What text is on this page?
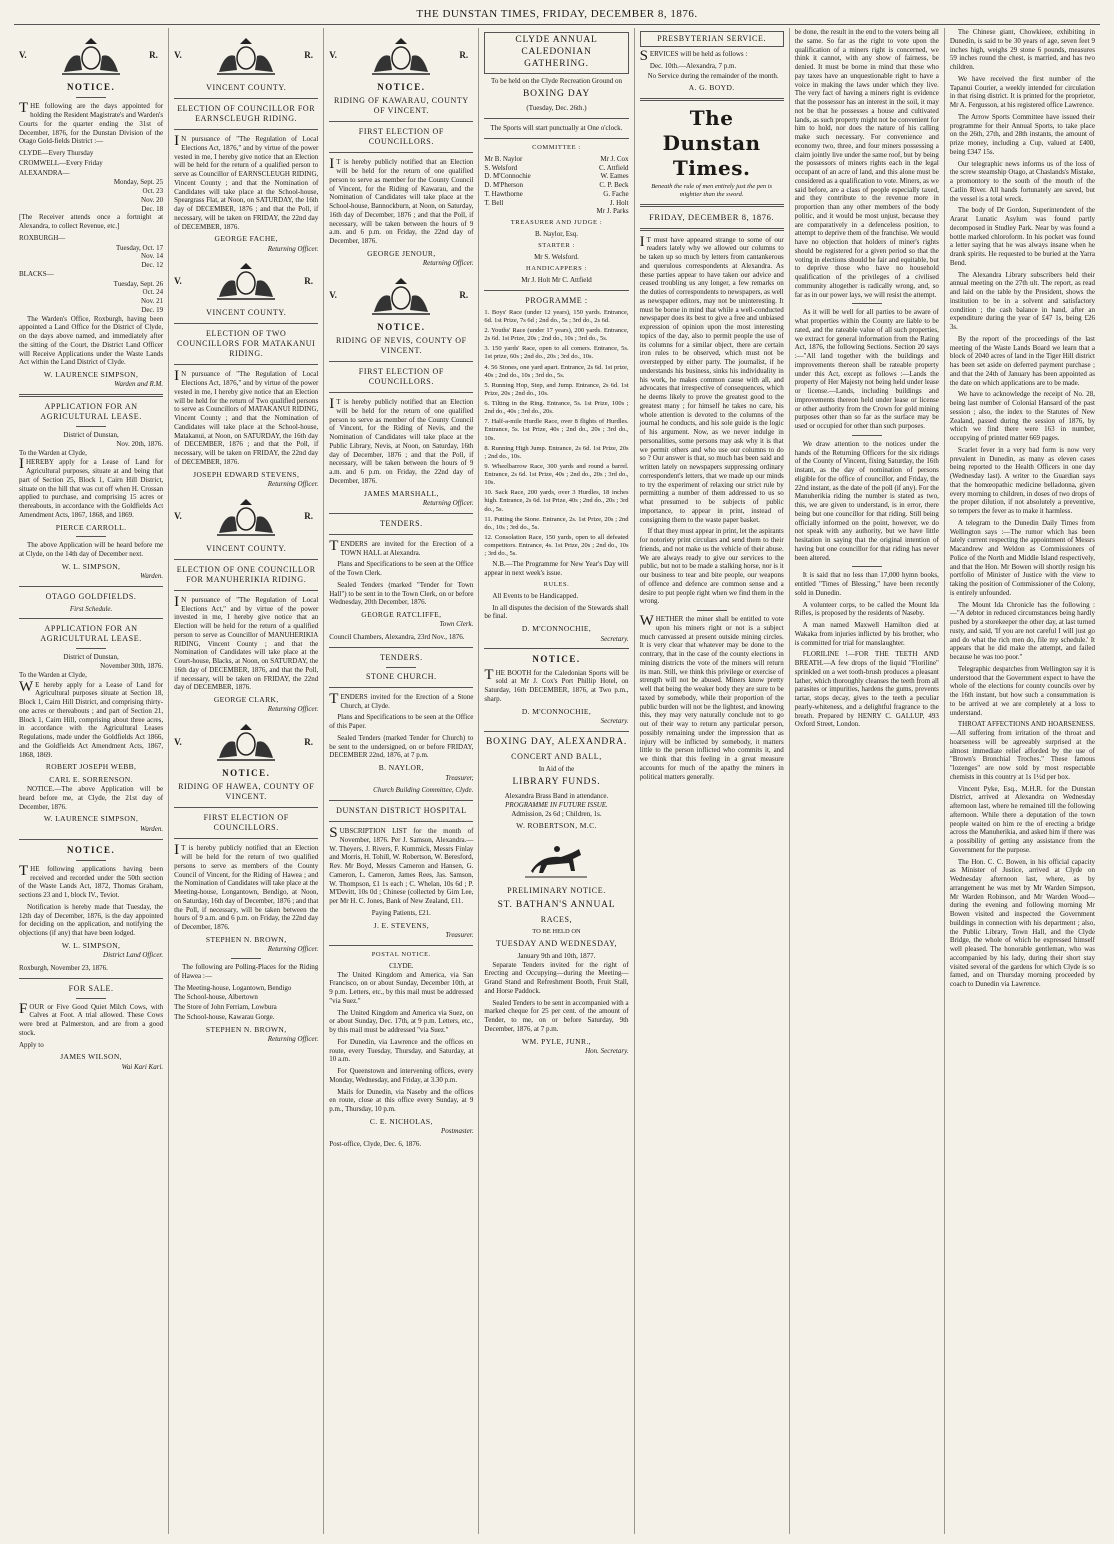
THE DUNSTAN TIMES, FRIDAY, DECEMBER 8, 1876.
V.	R.
NOTICE.

THE following are the days appointed for holding the Resident Magistrate's and Warden's Courts for the quarter ending the 31st of December, 1876, for the Dunstan Division of the Otago Gold-fields District :—

CLYDE—Every Thursday
CROMWELL—Every Friday
ALEXANDRA—
Monday, Sept. 25
Oct. 23
Nov. 20
Dec. 18

[The Receiver attends once a fortnight at Alexandra, to collect Revenue, etc.]

ROXBURGH—
Tuesday, Oct. 17
Nov. 14
Dec. 12
BLACKS—
Tuesday, Sept. 26
Oct. 24
Nov. 21
Dec. 19

The Warden's Office, Roxburgh, having been appointed a Land Office for the District of Clyde, on the days above named, and immediately after the sitting of the Court, the District Land Officer will Receive Applications under the Waste Lands Act within the Land District of Clyde.

W. LAURENCE SIMPSON,
Warden and R.M.
APPLICATION FOR AN AGRICULTURAL LEASE.
District of Dunstan,
Nov. 20th, 1876.
To the Warden at Clyde,

IHEREBY apply for a Lease of Land for Agricultural purposes, situate at and being that part of Section 25, Block 1, Cairn Hill District, situate on the hill that was cut off when H. Crossan applied to purchase, and comprising 15 acres or thereabouts, in accordance with the Goldfields Act Amendment Acts, 1867, 1868, and 1869.

PIERCE CARROLL.

The above Application will be heard before me at Clyde, on the 14th day of December next.

W. L. SIMPSON,
Warden.
OTAGO GOLDFIELDS.
First Schedule.
APPLICATION FOR AN AGRICULTURAL LEASE.
District of Dunstan,
November 30th, 1876.
To the Warden at Clyde,

WE hereby apply for a Lease of Land for Agricultural purposes situate at Section 18, Block 1, Cairn Hill District, and comprising thirty-one acres or thereabouts ; and part of Section 21, Block 1, Cairn Hill, comprising about three acres, in accordance with the Agricultural Leases Regulations, made under the Goldfields Act 1866, and the Goldfields Act Amendment Acts, 1867, 1868, 1869.

ROBERT JOSEPH WEBB,
CARL E. SORRENSON.

NOTICE.—The above Application will be heard before me, at Clyde, the 21st day of December, 1876.

W. LAURENCE SIMPSON,
Warden.
NOTICE.

THE following applications having been received and recorded under the 50th section of the Waste Lands Act, 1872, Thomas Graham, sections 23 and 1, block IV., Teviot.

Notification is hereby made that Tuesday, the 12th day of December, 1876, is the day appointed for deciding on the application, and notifying the objections (if any) that have been lodged.

W. L. SIMPSON,
District Land Officer.
Roxburgh, November 23, 1876.
FOR SALE.

FOUR or Five Good Quiet Milch Cows, with Calves at Foot. A trial allowed. These Cows were bred at Palmerston, and are from a good stock.

Apply to
JAMES WILSON,
Wai Kari Kari.
V.	R.
VINCENT COUNTY.
ELECTION OF COUNCILLOR FOR EARNSCLEUGH RIDING.

IN pursuance of "The Regulation of Local Elections Act, 1876," and by virtue of the power vested in me, I hereby give notice that an Election will be held for the return of a qualified person to serve as Councillor of EARNSCLEUGH RIDING, Vincent County ; and that the Nomination of Candidates will take place at the School-house, Speargrass Flat, at Noon, on SATURDAY, the 16th day of DECEMBER, 1876 ; and that the Poll, if necessary, will be taken on FRIDAY, the 22nd day of DECEMBER, 1876.

GEORGE FACHE,
Returning Officer.
V.	R.
VINCENT COUNTY.
ELECTION OF TWO COUNCILLORS FOR MATAKANUI RIDING.

IN pursuance of "The Regulation of Local Elections Act, 1876," and by virtue of the power vested in me, I hereby give notice that an Election will be held for the return of Two qualified persons to serve as Councillors of MATAKANUI RIDING, Vincent County ; and that the Nomination of Candidates will take place at the School-house, Matakanui, at Noon, on SATURDAY, the 16th day of DECEMBER, 1876 ; and that the Poll, if necessary, will be taken on FRIDAY, the 22nd day of DECEMBER, 1876.

JOSEPH EDWARD STEVENS,
Returning Officer.
V.	R.
VINCENT COUNTY.
ELECTION OF ONE COUNCILLOR FOR MANUHERIKIA RIDING.

IN pursuance of "The Regulation of Local Elections Act," and by virtue of the power invested in me, I hereby give notice that an Election will be held for the return of a qualified person to serve as Councillor of MANUHERIKIA RIDING, Vincent County ; and that the Nomination of Candidates will take place at the Court-house, Blacks, at Noon, on SATURDAY, the 16th day of DECEMBER, 1876, and that the Poll, if necessary, will be taken on FRIDAY, the 22nd day of DECEMBER, 1876.

GEORGE CLARK,
Returning Officer.
V.	R.
NOTICE.
RIDING OF HAWEA, COUNTY OF VINCENT.
FIRST ELECTION OF COUNCILLORS.

IT is hereby publicly notified that an Election will be held for the return of two qualified persons to serve as members of the County Council of Vincent, for the Riding of Hawea ; and the Nomination of Candidates will take place at the Meeting-house, Longantown, Bendigo, at Noon, on Saturday, 16th day of December, 1876 ; and that the Poll, if necessary, will be taken between the hours of 9 a.m. and 6 p.m. on Friday, the 22nd day of December, 1876.

STEPHEN N. BROWN,
Returning Officer.

The following are Polling-Places for the Riding of Hawea :—

The Meeting-house, Logantown, Bendigo
The School-house, Albertown
The Store of John Ferriam, Lowbura
The School-house, Kawarau Gorge.
STEPHEN N. BROWN,
Returning Officer.
V.	R.
NOTICE.
RIDING OF KAWARAU, COUNTY OF VINCENT.
FIRST ELECTION OF COUNCILLORS.

IT is hereby publicly notified that an Election will be held for the return of one qualified person to serve as member for the County Council of Vincent, for the Riding of Kawarau, and the Nomination of Candidates will take place at the School-house, Bannockburn, at Noon, on Saturday, 16th day of December, 1876 ; and that the Poll, if necessary, will be taken between the hours of 9 a.m. and 6 p.m. on Friday, the 22nd day of December, 1876.

GEORGE JENOUR,
Returning Officer.
V.	R.
NOTICE.
RIDING OF NEVIS, COUNTY OF VINCENT.
FIRST ELECTION OF COUNCILLORS.

IT is hereby publicly notified that an Election will be held for the return of one qualified person to serve as member of the County Council of Vincent, for the Riding of Nevis, and the Nomination of Candidates will take place at the Public Library, Nevis, at Noon, on Saturday, 16th day of December, 1876 ; and that the Poll, if necessary, will be taken between the hours of 9 a.m. and 6 p.m. on Friday, the 22nd day of December, 1876.

JAMES MARSHALL,
Returning Officer.
TENDERS.

TENDERS are invited for the Erection of a TOWN HALL at Alexandra.

Plans and Specifications to be seen at the Office of the Town Clerk.

Sealed Tenders (marked "Tender for Town Hall") to be sent in to the Town Clerk, on or before Wednesday, 20th December, 1876.

GEORGE RATCLIFFE,
Town Clerk.
Council Chambers, Alexandra, 23rd Nov., 1876.
TENDERS.
STONE CHURCH.

TENDERS invited for the Erection of a Stone Church, at Clyde.

Plans and Specifications to be seen at the Office of this Paper.

Sealed Tenders (marked Tender for Church) to be sent to the undersigned, on or before FRIDAY, DECEMBER 22nd, 1876, at 7 p.m.

B. NAYLOR,
Treasurer,
Church Building Committee, Clyde.
DUNSTAN DISTRICT HOSPITAL

SUBSCRIPTION LIST for the month of November, 1876. Per J. Samson, Alexandra.—W. Theyers, J. Rivers, F. Kummick, Messrs Finlay and Morris, H. Tohill, W. Robertson, W. Beresford, Rev. Mr Boyd, Messrs Cameron and Hansen, G. Cameron, L. Cameron, James Rees, Jas. Samson, W. Thompson, £1 1s each ; C. Whelan, 10s 6d ; P. M'Devitt, 10s 0d ; Chinese (collected by Gim Lee, per Mr H. C. Jones, Bank of New Zealand, £11.

Paying Patients, £21.
J. E. STEVENS,
Treasurer.
POSTAL NOTICE.
CLYDE.

The United Kingdom and America, via San Francisco, on or about Sunday, December 10th, at 9 p.m. Letters, etc., by this mail must be addressed "via Suez."

The United Kingdom and America via Suez, on or about Sunday, Dec. 17th, at 9 p.m. Letters, etc., by this mail must be addressed "via Suez."

For Dunedin, via Lawrence and the offices en route, every Tuesday, Thursday, and Saturday, at 10 a.m.

For Queenstown and intervening offices, every Monday, Wednesday, and Friday, at 3.30 p.m.

Mails for Dunedin, via Naseby and the offices en route, close at this office every Sunday, at 9 p.m., Thursday, 10 p.m.

C. E. NICHOLAS,
Postmaster.
Post-office, Clyde, Dec. 6, 1876.
CLYDE ANNUAL CALEDONIAN GATHERING.
To be held on the Clyde Recreation Ground on
BOXING DAY
(Tuesday, Dec. 26th.)
The Sports will start punctually at One o'clock.
COMMITTEE :
Mr B. Naylor	Mr J. Cox
S. Welsford	C. Attfield
D. M'Connochie	W. Eames
D. M'Pherson	C. P. Beck
T. Hawthorne	G. Fache
T. Bell	J. Holt
Mr J. Parks
TREASURER AND JUDGE :
B. Naylor, Esq.
STARTER :
Mr S. Welsford.
HANDICAPPERS :
Mr J. Holt Mr C. Attfield
PROGRAMME :
1. Boys' Race (under 12 years), 150 yards. Entrance, 6d. 1st Prize, 7s 6d ; 2nd do., 5s ; 3rd do., 2s 6d.
2. Youths' Race (under 17 years), 200 yards. Entrance, 2s 6d. 1st Prize, 20s ; 2nd do., 10s ; 3rd do., 5s.
3. 150 yards' Race, open to all comers. Entrance, 5s. 1st prize, 60s ; 2nd do., 20s ; 3rd do., 10s.
4. 56 Stones, one yard apart. Entrance, 2s 6d. 1st prize, 40s ; 2nd do., 10s ; 3rd do., 5s.
5. Running Hop, Step, and Jump. Entrance, 2s 6d. 1st Prize, 20s ; 2nd do., 10s.
6. Tilting in the Ring. Entrance, 5s. 1st Prize, 100s ; 2nd do., 40s ; 3rd do., 20s.
7. Half-a-mile Hurdle Race, over 8 flights of Hurdles. Entrance, 5s. 1st Prize, 40s ; 2nd do., 20s ; 3rd do., 10s.
8. Running High Jump. Entrance, 2s 6d. 1st Prize, 20s ; 2nd do., 10s.
9. Wheelbarrow Race, 300 yards and round a barrel. Entrance, 2s 6d. 1st Prize, 40s ; 2nd do., 20s ; 3rd do., 10s.
10. Sack Race, 200 yards, over 3 Hurdles, 18 inches high. Entrance, 2s 6d. 1st Prize, 40s ; 2nd do., 20s ; 3rd do., 5s.
11. Putting the Stone. Entrance, 2s. 1st Prize, 20s ; 2nd do., 10s ; 3rd do., 5s.
12. Consolation Race, 150 yards, open to all defeated competitors. Entrance, 4s. 1st Prize, 20s ; 2nd do., 10s ; 3rd do., 5s.

N.B.—The Programme for New Year's Day will appear in next week's issue.

RULES.

All Events to be Handicapped.

In all disputes the decision of the Stewards shall be final.

D. M'CONNOCHIE,
Secretary.
NOTICE.

THE BOOTH for the Caledonian Sports will be sold at Mr J. Cox's Port Phillip Hotel, on Saturday, 16th DECEMBER, 1876, at Two p.m., sharp.

D. M'CONNOCHIE,
Secretary.
BOXING DAY, ALEXANDRA.
CONCERT AND BALL,
In Aid of the
LIBRARY FUNDS.
Alexandra Brass Band in attendance.
PROGRAMME IN FUTURE ISSUE.
Admission, 2s 6d ; Children, 1s.
W. ROBERTSON, M.C.
PRELIMINARY NOTICE.
ST. BATHAN'S ANNUAL
RACES,
TO BE HELD ON
TUESDAY AND WEDNESDAY,
January 9th and 10th, 1877.

Separate Tenders invited for the right of Erecting and Occupying—during the Meeting—Grand Stand and Refreshment Booth, Fruit Stall, and Horse Paddock.

Sealed Tenders to be sent in accompanied with a marked cheque for 25 per cent. of the amount of Tender, to me, on or before Saturday, 9th December, 1876, at 7 p.m.

WM. PYLE, JUNR.,
Hon. Secretary.
PRESBYTERIAN SERVICE.

SERVICES will be held as follows :

Dec. 10th.—Alexandra, 7 p.m.

No Service during the remainder of the month.

A. G. BOYD.
The Dunstan Times.
Beneath the rule of men entirely just the pen is mightier than the sword.
FRIDAY, DECEMBER 8, 1876.

IT must have appeared strange to some of our readers lately why we allowed our columns to be taken up so much by letters from cantankerous and querulous correspondents at Alexandra. As these parties appear to have taken our advice and ceased troubling us any longer, a few remarks on the duties of correspondents to newspapers, as well as newspaper editors, may not be uninteresting. It must be borne in mind that while a well-conducted newspaper does its best to give a free and unbiased expression of opinion upon the most interesting topics of the day, also to permit people the use of its columns for a similar object, there are certain iron rules to be observed, which must not be overstepped by either party. The journalist, if he understands his business, sinks his individuality in his work, he makes common cause with all, and advocates that irrespective of consequences, which he deems likely to prove the greatest good to the greatest many ; for himself he takes no care, his whole attention is devoted to the columns of the journal he conducts, and his sole guide is the logic of his argument. Now, as we never indulge in personalities, some persons may ask why it is that we permit others and who use our columns to do so ? Our answer is that, so much has been said and written lately on newspapers suppressing ordinary correspondent's letters, that we made up our minds to try the experiment of relaxing our strict rule by permitting a number of them addressed to us so what presumed to be subjects of public importance, to appear in print, instead of consigning them to the waste paper basket.

If that they must appear in print, let the aspirants for notoriety print circulars and send them to their friends, and not make us the vehicle of their abuse. We are always ready to give our services to the public, but not to be made a stalking horse, nor is it our business to tear and bite people, our weapons of offence and defence are common sense and a desire to put people right when we find them in the wrong.

WHETHER the miner shall be entitled to vote upon his miners right or not is a subject much canvassed at present outside mining circles. It is very clear that whatever may be done to the contrary, that in the case of the county elections in mining districts the vote of the miners will return its man. Still, we think this privilege or exercise of strength will not be abused. Miners know pretty well that being the weaker body they are sure to be taxed by somebody, while their proportion of the public burden will not be the lightest, and knowing this, they may very naturally conclude not to go out of their way to return any particular person, possibly remaining under the impression that as injury will be inflicted by somebody, it matters little to the person inflicted who commits it, and we think that this feeling in a great measure accounts for much of the apathy the miners in political matters generally.

be done, the result in the end to the voters being all the same. So far as the right to vote upon the qualification of a miners right is concerned, we think it cannot, with any show of fairness, be denied. It must be borne in mind that these who pay taxes have an unquestionable right to have a voice in making the laws under which they live. The very fact of having a miners right is evidence that the possessor has an interest in the soil, it may not be that he possesses a house and cultivated lands, as such property might not be convenient for him to hold, nor does the nature of his calling make such necessary. For convenience and economy two, three, and four miners possessing a claim jointly live under the same roof, but by being the possessors of miners rights each in the legal occupant of an acre of land, and this alone must be considered as a qualification to vote. Miners, as we said before, are a class of people especially taxed, and they contribute to the revenue more in proportion than any other members of the body politic, and it would be most unjust, because they are comparatively in a defenceless position, to attempt to deprive them of the franchise. We would have no objection that holders of miner's rights should be registered for a given period so that the voting in elections should be fair and equitable, but to deprive those who have no household qualification of the privileges of a civilised community altogether is radically wrong, and, so far as in our power lays, we will resist the attempt.

As it will be well for all parties to be aware of what properties within the County are liable to be rated, and the rateable value of all such properties, we extract for general information from the Rating Act, 1876, the following Sections. Section 20 says :—"All land together with the buildings and improvements thereon shall be rateable property under this Act, except as follows :—Lands the property of Her Majesty not being held under lease or license.—Lands, including buildings and improvements thereon held under lease or license or other authority from the Crown for gold mining purposes other than so far as the surface may be used or occupied for other than such purposes.

We draw attention to the notices under the hands of the Returning Officers for the six ridings of the County of Vincent, fixing Saturday, the 16th instant, as the day of nomination of persons eligible for the office of councillor, and Friday, the 22nd instant, as the date of the poll (if any). For the Manuherikia riding the number is stated as two, this, we are given to understand, is in error, there being but one councillor for that riding. Still being officially informed on the point, however, we do not speak with any authority, but we have little hesitation in saying that the original intention of having but one councillor for that riding has never been altered.

It is said that no less than 17,000 hymn books, entitled "Times of Blessing," have been recently sold in Dunedin.

A volunteer corps, to be called the Mount Ida Rifles, is proposed by the residents of Naseby.

A man named Maxwell Hamilton died at Wakaka from injuries inflicted by his brother, who is committed for trial for manslaughter.

FLORILINE !—FOR THE TEETH AND BREATH.—A few drops of the liquid "Floriline" sprinkled on a wet tooth-brush produces a pleasant lather, which thoroughly cleanses the teeth from all parasites or impurities, hardens the gums, prevents tartar, stops decay, gives to the teeth a peculiar pearly-whiteness, and a delightful fragrance to the breath. Prepared by HENRY C. GALLUP, 493 Oxford Street, London.

The Chinese giant, Chowkieee, exhibiting in Dunedin, is said to be 30 years of age, seven feet 9 inches high, weighs 29 stone 6 pounds, measures 59 inches round the chest, is married, and has two children.

We have received the first number of the Tapanui Courier, a weekly intended for circulation in that rising district. It is printed for the proprietor, Mr A. Fergusson, at his registered office Lawrence.

The Arrow Sports Committee have issued their programme for their Annual Sports, to take place on the 26th, 27th, and 28th instants, the amount of prize money, including a Cup, valued at £400, being £347 15s.

Our telegraphic news informs us of the loss of the screw steamship Otago, at Chaslands's Mistake, a promontory to the south of the mouth of the Catlin River. All hands fortunately are saved, but the vessel is a total wreck.

The body of Dr Gordon, Superintendent of the Ararat Lunatic Asylum was found partly decomposed in Studley Park. Near by was found a bottle marked chloroform. In his pocket was found a letter saying that he was always insane when he drank spirits. He requested to be buried at the Yarra Bend.

The Alexandra Library subscribers held their annual meeting on the 27th ult. The report, as read and laid on the table by the President, shows the institution to be in a solvent and satisfactory condition ; the cash balance in hand, after an expenditure during the year of £47 1s, being £26 3s.

By the report of the proceedings of the last meeting of the Waste Lands Board we learn that a block of 2040 acres of land in the Tiger Hill district has been set aside on deferred payment purchase ; and that the 24th of January has been appointed as the date on which applications are to be made.

We have to acknowledge the receipt of No. 28, being last number of Colonial Hansard of the past session ; also, the index to the Statutes of New Zealand, passed during the session of 1876, by which we find there were 163 in number, occupying of printed matter 669 pages.

Scarlet fever in a very bad form is now very prevalent in Dunedin, as many as eleven cases being reported to the Health Officers in one day (Wednesday last). A writer to the Guardian says that the homœopathic medicine belladonna, given every morning to children, in doses of two drops of the proper dilution, if not absolutely a preventive, so tempers the fever as to make it harmless.

A telegram to the Dunedin Daily Times from Wellington says :—The rumor which has been lately current respecting the appointment of Messrs Macandrew and Weldon as Commissioners of Police of the North and Middle Island respectively, and that the Hon. Mr Bowen will shortly resign his portfolio of Minister of Justice with the view to taking the position of Commissioner of the Colony, is entirely unfounded.

The Mount Ida Chronicle has the following :—"A debtor in reduced circumstances being hardly pushed by a storekeeper the other day, at last turned rusty, and said, 'If you are not careful I will just go and do what the rich men do, file my schedule.' It appears that he did make the attempt, and failed because he was too poor."

Telegraphic despatches from Wellington say it is understood that the Government expect to have the whole of the elections for county councils over by the 16th instant, but how such a consummation is to be arrived at we are completely at a loss to understand.

THROAT AFFECTIONS AND HOARSENESS.—All suffering from irritation of the throat and hoarseness will be agreeably surprised at the almost immediate relief afforded by the use of "Brown's Bronchial Troches." These famous "lozenges" are now sold by most respectable chemists in this country at 1s 1½d per box.

Vincent Pyke, Esq., M.H.R. for the Dunstan District, arrived at Alexandra on Wednesday afternoon last, where he remained till the following afternoon. While there a deputation of the town people waited on him re the of erecting a bridge across the Manuherikia, and asked him if there was a possibility of getting any assistance from the Government for the purpose.

The Hon. C. C. Bowen, in his official capacity as Minister of Justice, arrived at Clyde on Wednesday afternoon last, where, as by arrangement he was met by Mr Warden Simpson, Mr Warden Robinson, and Mr Warden Wood—during the evening and following morning Mr Bowen visited and inspected the Government buildings in connection with his department ; also, the Public Library, Town Hall, and the Clyde Bridge, the whole of which he expressed himself well pleased. The honorable gentleman, who was accompanied by his lady, during their short stay visited several of the gardens for which Clyde is so famed, and on Thursday morning proceeded by coach to Dunedin via Lawrence.
